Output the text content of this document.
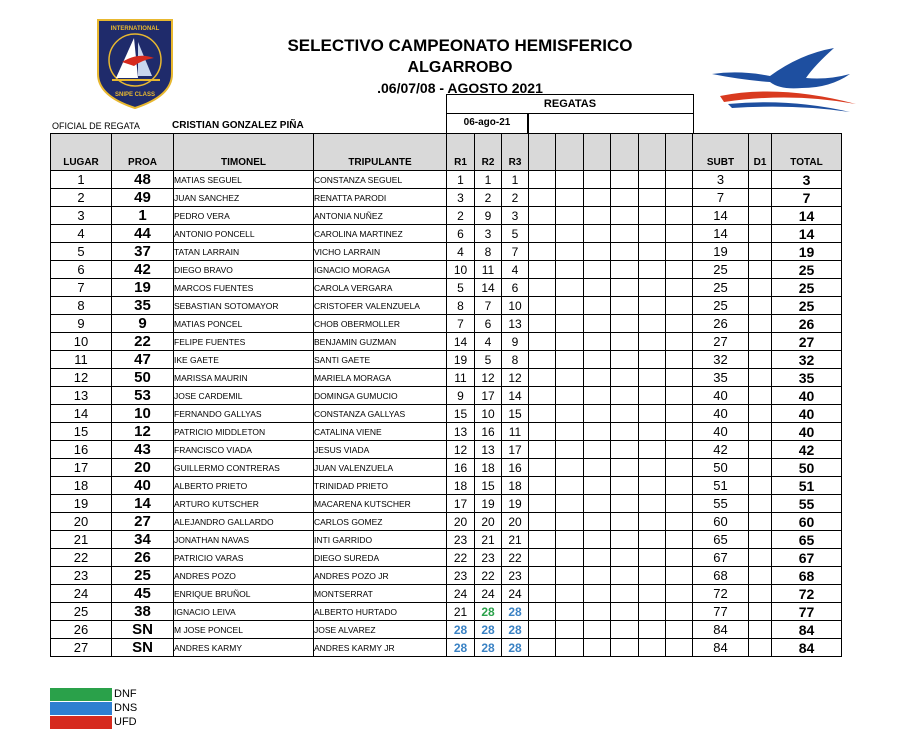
INTERNATIONAL
SNIPE CLASS
SELECTIVO CAMPEONATO HEMISFERICO
ALGARROBO
.06/07/08 - AGOSTO 2021
OFICIAL DE REGATA	CRISTIAN GONZALEZ PIÑA
REGATAS
06-ago-21
LUGAR	PROA	TIMONEL	TRIPULANTE	R1	R2	R3							SUBT	D1	TOTAL
1	48	MATIAS SEGUEL	CONSTANZA SEGUEL	1	1	1							3		3
2	49	JUAN SANCHEZ	RENATTA PARODI	3	2	2							7		7
3	1	PEDRO VERA	ANTONIA NUÑEZ	2	9	3							14		14
4	44	ANTONIO PONCELL	CAROLINA MARTINEZ	6	3	5							14		14
5	37	TATAN LARRAIN	VICHO LARRAIN	4	8	7							19		19
6	42	DIEGO BRAVO	IGNACIO MORAGA	10	11	4							25		25
7	19	MARCOS FUENTES	CAROLA VERGARA	5	14	6							25		25
8	35	SEBASTIAN SOTOMAYOR	CRISTOFER VALENZUELA	8	7	10							25		25
9	9	MATIAS PONCEL	CHOB OBERMOLLER	7	6	13							26		26
10	22	FELIPE FUENTES	BENJAMIN GUZMAN	14	4	9							27		27
11	47	IKE GAETE	SANTI GAETE	19	5	8							32		32
12	50	MARISSA MAURIN	MARIELA MORAGA	11	12	12							35		35
13	53	JOSE CARDEMIL	DOMINGA GUMUCIO	9	17	14							40		40
14	10	FERNANDO GALLYAS	CONSTANZA GALLYAS	15	10	15							40		40
15	12	PATRICIO MIDDLETON	CATALINA VIENE	13	16	11							40		40
16	43	FRANCISCO VIADA	JESUS VIADA	12	13	17							42		42
17	20	GUILLERMO CONTRERAS	JUAN VALENZUELA	16	18	16							50		50
18	40	ALBERTO PRIETO	TRINIDAD PRIETO	18	15	18							51		51
19	14	ARTURO KUTSCHER	MACARENA KUTSCHER	17	19	19							55		55
20	27	ALEJANDRO GALLARDO	CARLOS GOMEZ	20	20	20							60		60
21	34	JONATHAN NAVAS	INTI GARRIDO	23	21	21							65		65
22	26	PATRICIO VARAS	DIEGO SUREDA	22	23	22							67		67
23	25	ANDRES POZO	ANDRES POZO JR	23	22	23							68		68
24	45	ENRIQUE BRUÑOL	MONTSERRAT	24	24	24							72		72
25	38	IGNACIO LEIVA	ALBERTO HURTADO	21	28	28							77		77
26	SN	M JOSE PONCEL	JOSE ALVAREZ	28	28	28							84		84
27	SN	ANDRES KARMY	ANDRES KARMY JR	28	28	28							84		84
DNF
DNS
UFD
